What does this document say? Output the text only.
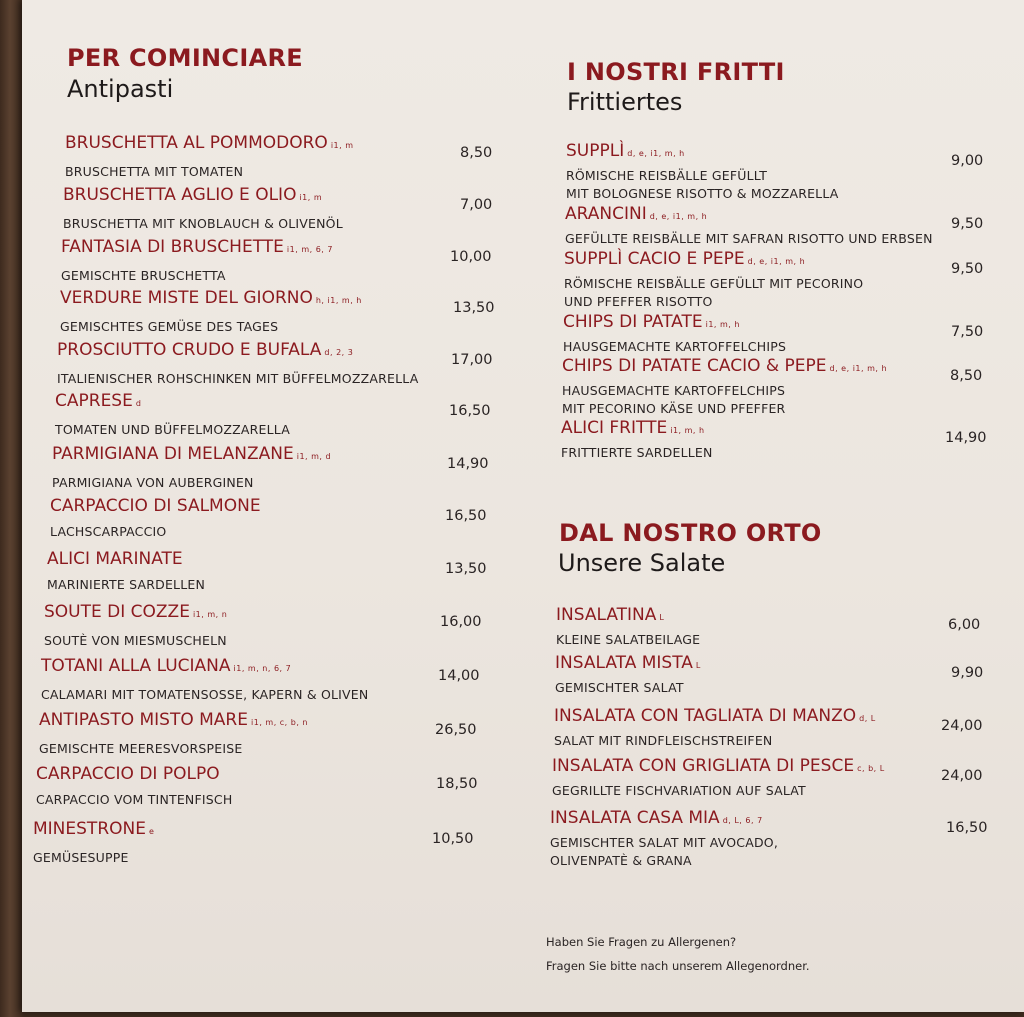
PER COMINCIARE
Antipasti
BRUSCHETTA AL POMMODORO i1, m
BRUSCHETTA MIT TOMATEN
8,50
BRUSCHETTA AGLIO E OLIO i1, m
BRUSCHETTA MIT KNOBLAUCH & OLIVENÖL
7,00
FANTASIA DI BRUSCHETTE i1, m, 6, 7
GEMISCHTE BRUSCHETTA
10,00
VERDURE MISTE DEL GIORNO h, i1, m, h
GEMISCHTES GEMÜSE DES TAGES
13,50
PROSCIUTTO CRUDO E BUFALA d, 2, 3
ITALIENISCHER ROHSCHINKEN MIT BÜFFELMOZZARELLA
17,00
CAPRESE d
TOMATEN UND BÜFFELMOZZARELLA
16,50
PARMIGIANA DI MELANZANE i1, m, d
PARMIGIANA VON AUBERGINEN
14,90
CARPACCIO DI SALMONE
LACHSCARPACCIO
16,50
ALICI MARINATE
MARINIERTE SARDELLEN
13,50
SOUTE DI COZZE i1, m, n
SOUTÈ VON MIESMUSCHELN
16,00
TOTANI ALLA LUCIANA i1, m, n, 6, 7
CALAMARI MIT TOMATENSOSSE, KAPERN & OLIVEN
14,00
ANTIPASTO MISTO MARE i1, m, c, b, n
GEMISCHTE MEERESVORSPEISE
26,50
CARPACCIO DI POLPO
CARPACCIO VOM TINTENFISCH
18,50
MINESTRONE e
GEMÜSESUPPE
10,50
I NOSTRI FRITTI
Frittiertes
SUPPLÌ d, e, i1, m, h
RÖMISCHE REISBÄLLE GEFÜLLT
MIT BOLOGNESE RISOTTO & MOZZARELLA
9,00
ARANCINI d, e, i1, m, h
GEFÜLLTE REISBÄLLE MIT SAFRAN RISOTTO UND ERBSEN
9,50
SUPPLÌ CACIO E PEPE d, e, i1, m, h
RÖMISCHE REISBÄLLE GEFÜLLT MIT PECORINO
UND PFEFFER RISOTTO
9,50
CHIPS DI PATATE i1, m, h
HAUSGEMACHTE KARTOFFELCHIPS
7,50
CHIPS DI PATATE CACIO & PEPE d, e, i1, m, h
HAUSGEMACHTE KARTOFFELCHIPS
MIT PECORINO KÄSE UND PFEFFER
8,50
ALICI FRITTE i1, m, h
FRITTIERTE SARDELLEN
14,90
DAL NOSTRO ORTO
Unsere Salate
INSALATINA L
KLEINE SALATBEILAGE
6,00
INSALATA MISTA L
GEMISCHTER SALAT
9,90
INSALATA CON TAGLIATA DI MANZO d, L
SALAT MIT RINDFLEISCHSTREIFEN
24,00
INSALATA CON GRIGLIATA DI PESCE c, b, L
GEGRILLTE FISCHVARIATION AUF SALAT
24,00
INSALATA CASA MIA d, L, 6, 7
GEMISCHTER SALAT MIT AVOCADO,
OLIVENPATÈ & GRANA
16,50
Haben Sie Fragen zu Allergenen?
Fragen Sie bitte nach unserem Allegenordner.
